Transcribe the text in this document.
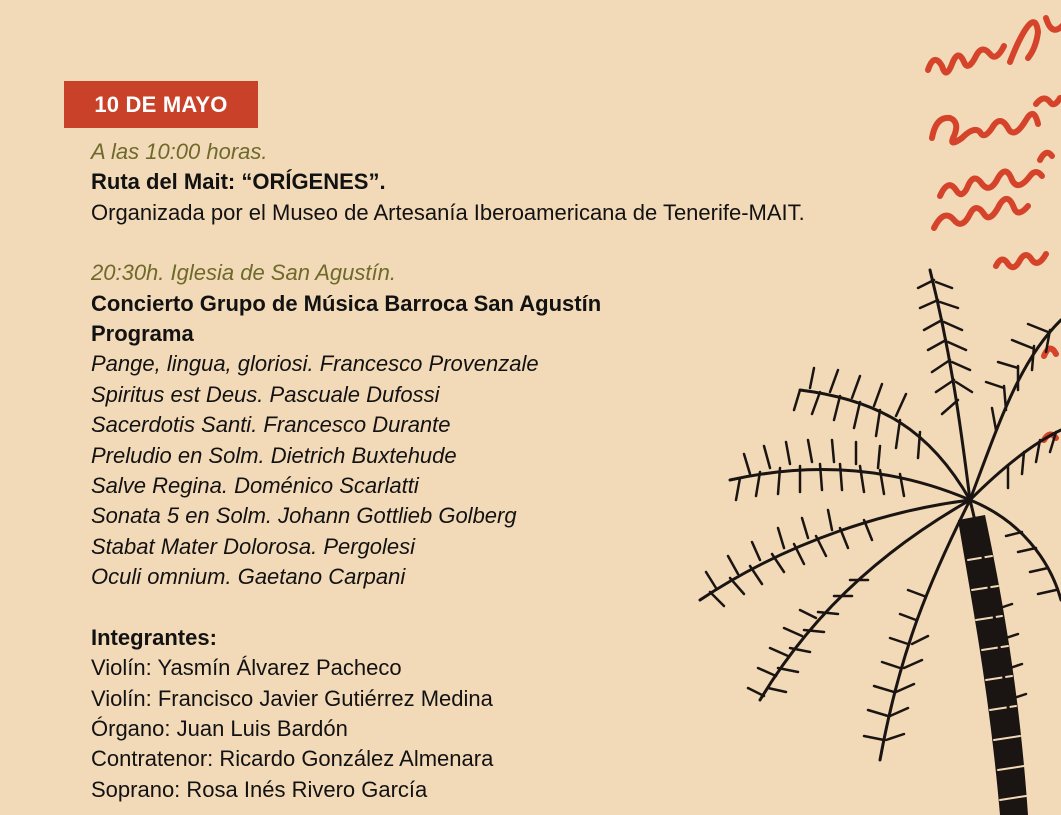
10 DE MAYO
A las 10:00 horas.
Ruta del Mait: “ORÍGENES”.
Organizada por el Museo de Artesanía Iberoamericana de Tenerife-MAIT.
20:30h. Iglesia de San Agustín.
Concierto Grupo de Música Barroca San Agustín
Programa
Pange, lingua, gloriosi. Francesco Provenzale
Spiritus est Deus. Pascuale Dufossi
Sacerdotis Santi. Francesco Durante
Preludio en Solm. Dietrich Buxtehude
Salve Regina. Doménico Scarlatti
Sonata 5 en Solm. Johann Gottlieb Golberg
Stabat Mater Dolorosa. Pergolesi
Oculi omnium. Gaetano Carpani
Integrantes:
Violín: Yasmín Álvarez Pacheco
Violín: Francisco Javier Gutiérrez Medina
Órgano: Juan Luis Bardón
Contratenor: Ricardo González Almenara
Soprano: Rosa Inés Rivero García
